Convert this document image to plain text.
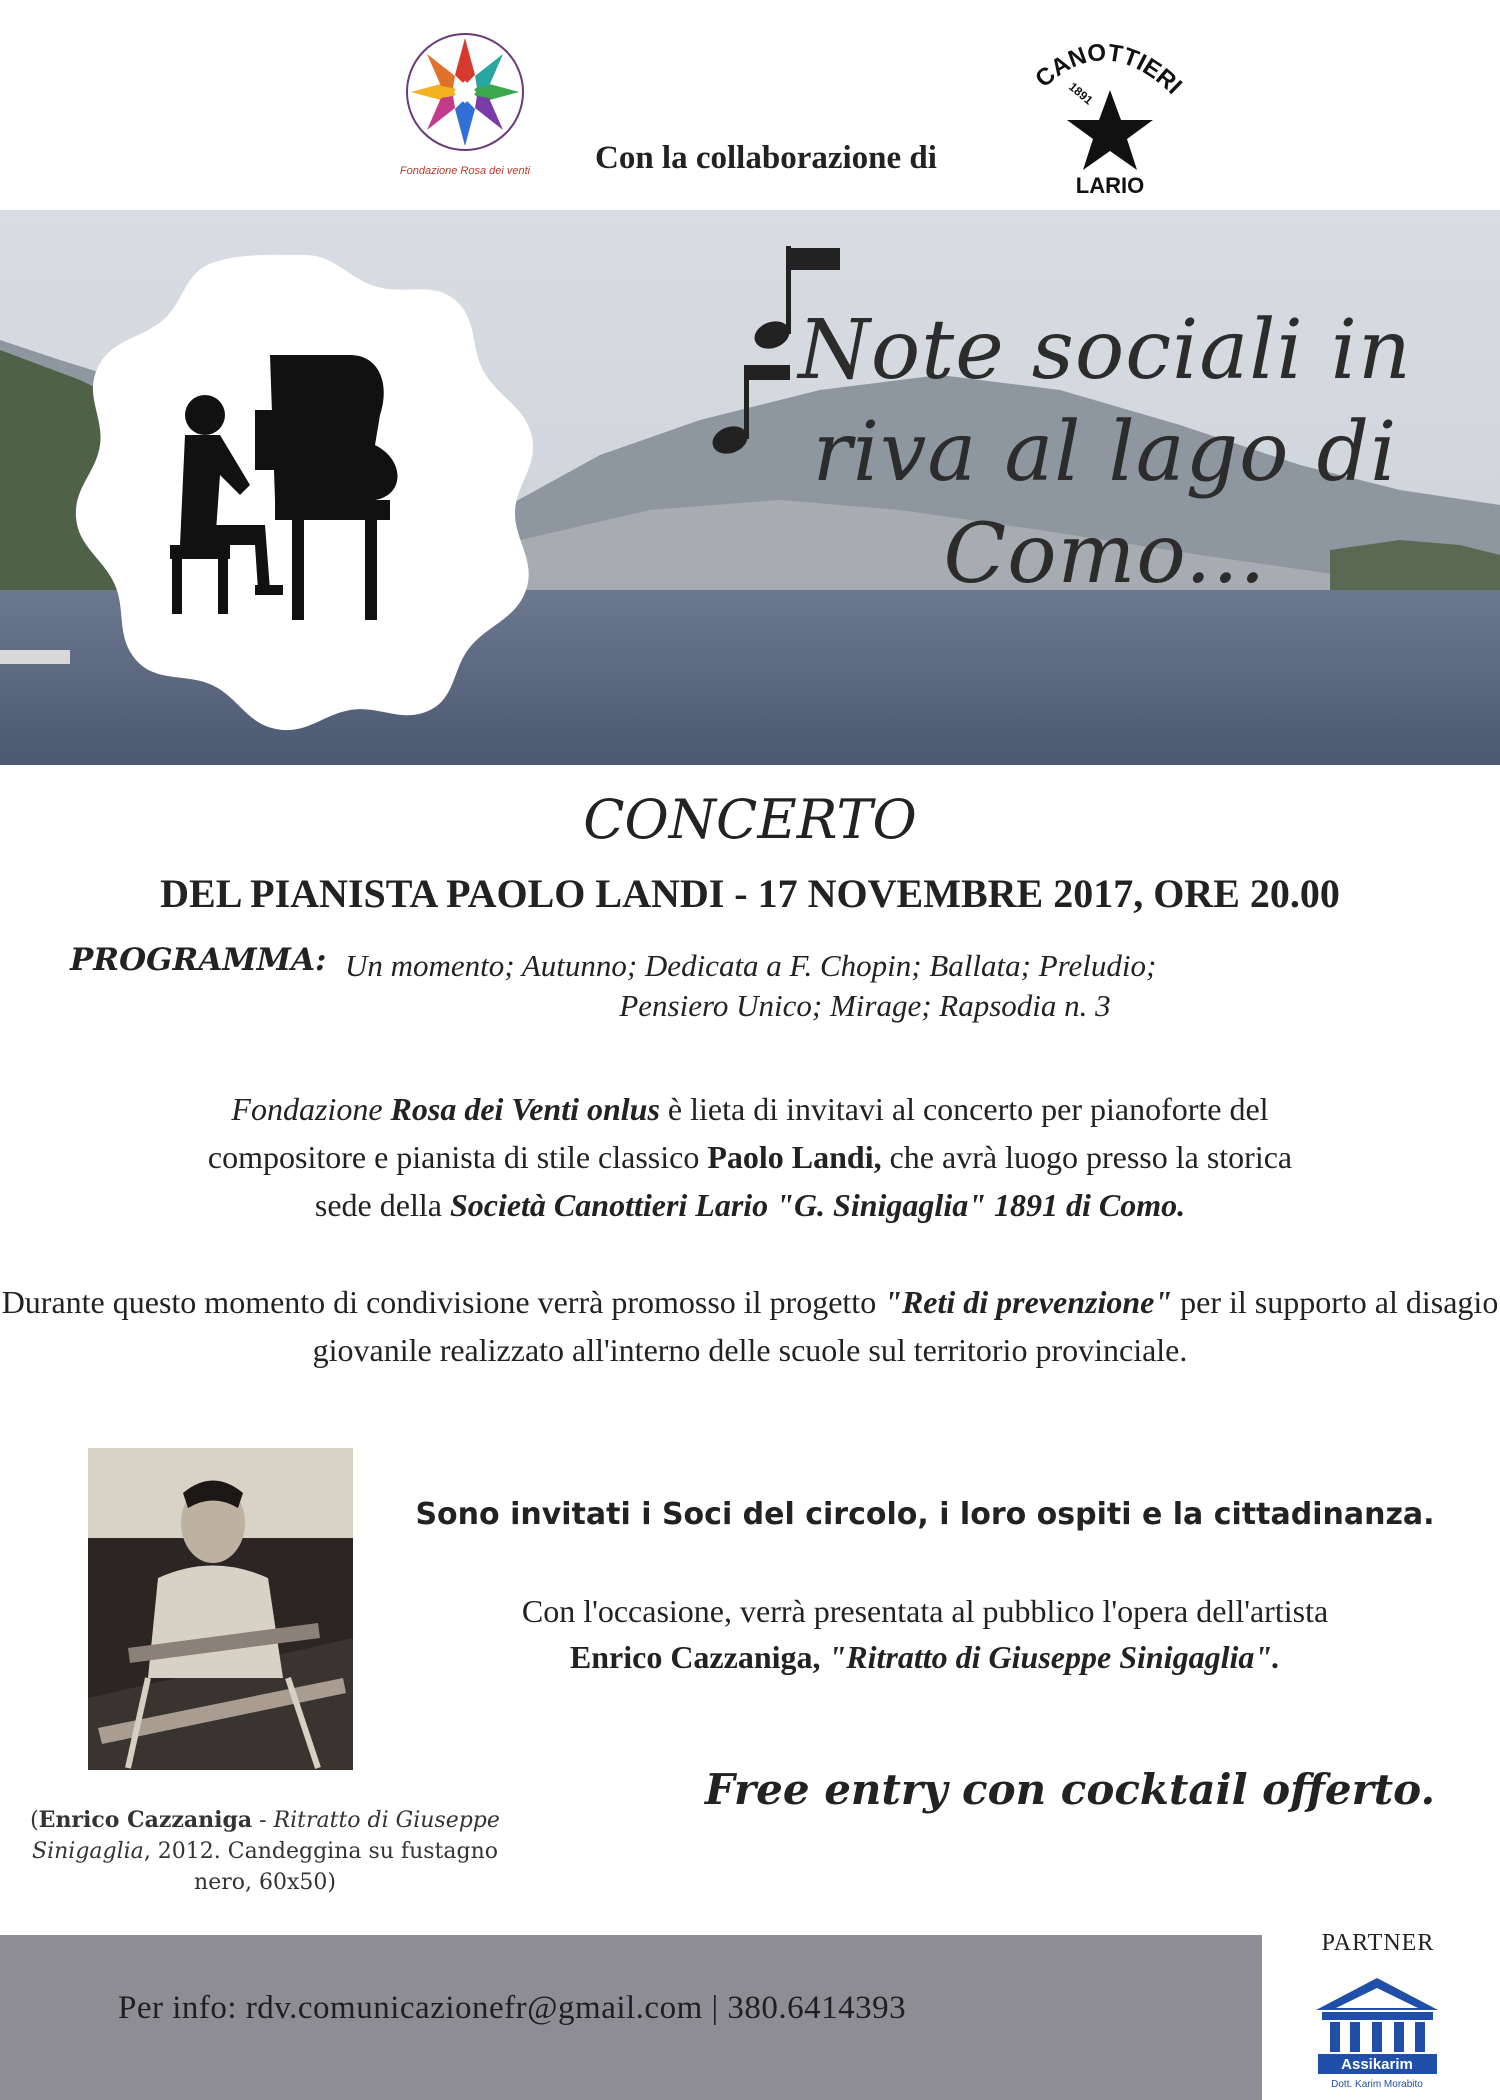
Fondazione Rosa dei venti	Con la collaborazione di
CANOTTIERI
1891
LARIO
Note sociali in
riva al lago di
Como...
CONCERTO
DEL PIANISTA PAOLO LANDI - 17 NOVEMBRE 2017, ORE 20.00
PROGRAMMA: Un momento; Autunno; Dedicata a F. Chopin; Ballata; Preludio;
Pensiero Unico; Mirage; Rapsodia n. 3
Fondazione Rosa dei Venti onlus è lieta di invitavi al concerto per pianoforte del
compositore e pianista di stile classico Paolo Landi, che avrà luogo presso la storica
sede della Società Canottieri Lario "G. Sinigaglia" 1891 di Como.
Durante questo momento di condivisione verrà promosso il progetto "Reti di prevenzione" per il supporto al disagio giovanile realizzato all'interno delle scuole sul territorio provinciale.
(Enrico Cazzaniga - Ritratto di Giuseppe Sinigaglia, 2012. Candeggina su fustagno nero, 60x50)
Sono invitati i Soci del circolo, i loro ospiti e la cittadinanza.
Con l'occasione, verrà presentata al pubblico l'opera dell'artista
Enrico Cazzaniga, "Ritratto di Giuseppe Sinigaglia".
Free entry con cocktail offerto.
Per info: rdv.comunicazionefr@gmail.com | 380.6414393
PARTNER
Assikarim
Dott. Karim Morabito
